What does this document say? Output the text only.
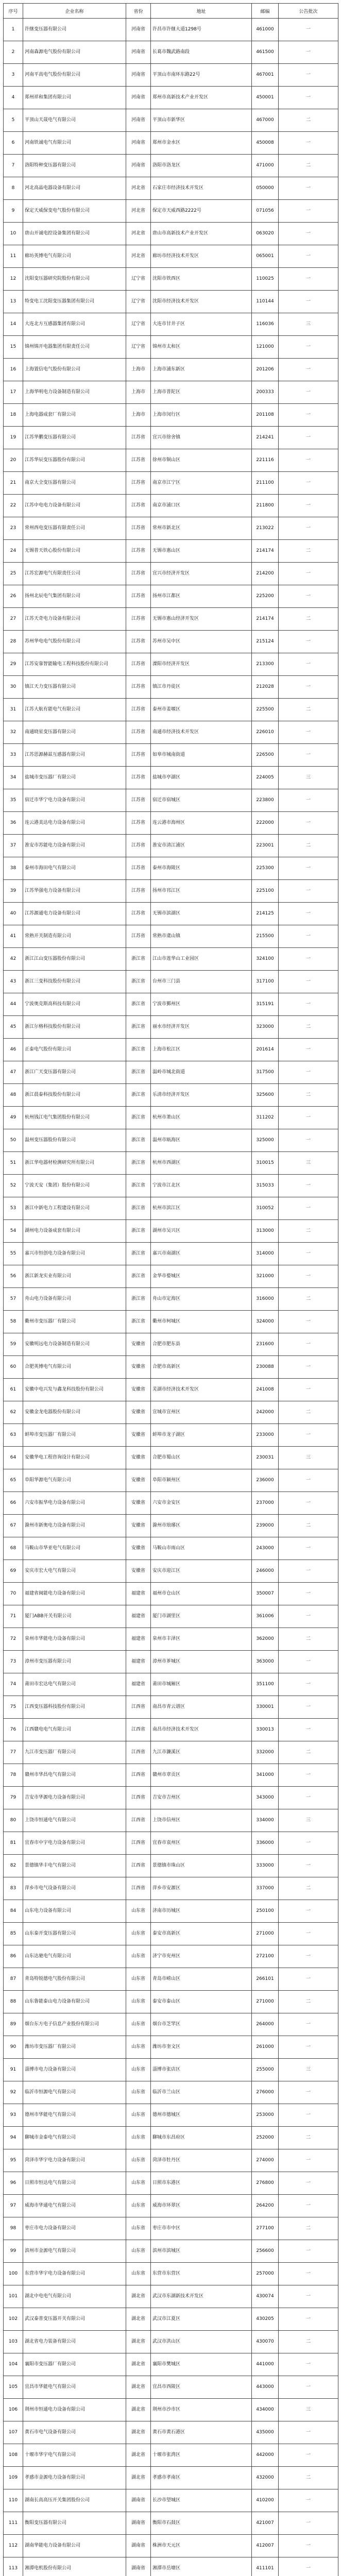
序号	企业名称	省份	地址	邮编	公告批次
1	许继变压器有限公司	河南省	许昌市许继大道1298号	461000	一
2	河南森源电气股份有限公司	河南省	长葛市魏武路南段	461500	一
3	河南平高电气股份有限公司	河南省	平顶山市南环东路22号	467001	一
4	郑州祥和集团有限公司	河南省	郑州市高新技术产业开发区	450001	一
5	平顶山天晟电气有限公司	河南省	平顶山市新华区	467000	二
6	河南铁诚电气有限公司	河南省	郑州市金水区	450008	一
7	洛阳特种变压器有限公司	河南省	洛阳市洛龙区	471000	二
8	河北高晶电器设备有限公司	河北省	石家庄市经济技术开发区	050000	一
9	保定天威保变电气股份有限公司	河北省	保定市天威西路2222号	071056	一
10	唐山开诚电控设备集团有限公司	河北省	唐山市高新技术产业开发区	063020	一
11	廊坊英博电气有限公司	河北省	廊坊市经济技术开发区	065001	一
12	沈阳变压器研究院股份有限公司	辽宁省	沈阳市铁西区	110025	一
13	特变电工沈阳变压器集团有限公司	辽宁省	沈阳市经济技术开发区	110144	一
14	大连北方互感器集团有限公司	辽宁省	大连市甘井子区	116036	三
15	锦州锦开电器集团有限责任公司	辽宁省	锦州市太和区	121000	一
16	上海置信电气股份有限公司	上海市	上海市浦东新区	201206	一
17	上海华明电力设备制造有限公司	上海市	上海市普陀区	200333	一
18	上海电器成套厂有限公司	上海市	上海市闵行区	201108	一
19	江苏华鹏变压器有限公司	江苏省	宜兴市徐舍镇	214241	一
20	江苏华辰变压器股份有限公司	江苏省	徐州市铜山区	221116	一
21	南京大全变压器有限公司	江苏省	南京市江宁区	211100	一
22	江苏中电电力设备有限公司	江苏省	南京市浦口区	211800	一
23	常州西电变压器有限责任公司	江苏省	常州市新北区	213022	一
24	无锡普天铁心股份有限公司	江苏省	无锡市惠山区	214174	二
25	江苏宏源电气有限责任公司	江苏省	宜兴市经济开发区	214200	一
26	扬州北辰电气集团有限公司	江苏省	扬州市江都区	225200	一
27	江苏天奇电力设备有限公司	江苏省	无锡市惠山经济开发区	214174	二
28	苏州华电电气股份有限公司	江苏省	苏州市吴中区	215124	一
29	江苏安靠智能输电工程科技股份有限公司	江苏省	溧阳市经济开发区	213300	一
30	镇江天力变压器有限公司	江苏省	镇江市丹徒区	212028	一
31	江苏大航有能电气有限公司	江苏省	泰州市姜堰区	225500	二
32	南通晓星变压器有限公司	江苏省	南通市经济技术开发区	226010	一
33	江苏思源赫兹互感器有限公司	江苏省	如皋市城南街道	226500	一
34	盐城市变压器厂有限公司	江苏省	盐城市亭湖区	224005	三
35	宿迁市华宁电力设备有限公司	江苏省	宿迁市宿城区	223800	一
36	连云港美达电力设备有限公司	江苏省	连云港市海州区	222000	一
37	淮安市苏能电力设备有限公司	江苏省	淮安市清江浦区	223001	二
38	泰州市海田电气有限公司	江苏省	泰州市海陵区	225300	一
39	江苏华强电力设备有限公司	江苏省	扬州市邗江区	225100	一
40	江苏源通电力设备有限公司	江苏省	无锡市滨湖区	214125	一
41	常熟开关制造有限公司	江苏省	常熟市虞山镇	215500	一
42	浙江江山变压器股份有限公司	浙江省	江山市莲华山工业园区	324100	一
43	浙江三变科技股份有限公司	浙江省	台州市三门县	317100	一
44	宁波奥克斯高科技有限公司	浙江省	宁波市鄞州区	315191	一
45	浙江尔格科技股份有限公司	浙江省	丽水市经济开发区	323000	二
46	正泰电气股份有限公司	浙江省	上海市松江区	201614	一
47	浙江广天变压器有限公司	浙江省	温岭市城北街道	317500	一
48	浙江晨泰科技股份有限公司	浙江省	乐清市经济开发区	325600	二
49	杭州钱江电气集团股份有限公司	浙江省	杭州市萧山区	311202	一
50	温州变压器股份有限公司	浙江省	温州市瓯海区	325000	一
51	浙江华电器材检测研究所有限公司	浙江省	杭州市西湖区	310015	三
52	宁波天安（集团）股份有限公司	浙江省	宁波市江北区	315033	一
53	浙江中新电力工程建设有限公司	浙江省	杭州市滨江区	310052	一
54	湖州电力设备成套有限公司	浙江省	湖州市吴兴区	313000	二
55	嘉兴市恒创电力设备有限公司	浙江省	嘉兴市南湖区	314000	一
56	浙江新龙实业有限公司	浙江省	金华市婺城区	321000	一
57	舟山电力设备有限公司	浙江省	舟山市定海区	316000	二
58	衢州市变压器厂有限公司	浙江省	衢州市柯城区	324000	一
59	安徽明远电力设备制造有限公司	安徽省	合肥市肥东县	231600	一
60	合肥英博电气有限公司	安徽省	合肥市高新区	230088	一
61	安徽中电兴发与鑫龙科技股份有限公司	安徽省	芜湖市经济技术开发区	241008	一
62	安徽金龙电器股份有限公司	安徽省	宣城市宣州区	242000	二
63	蚌埠市变压器厂有限公司	安徽省	蚌埠市龙子湖区	233000	一
64	安徽华电工程咨询设计有限公司	安徽省	合肥市蜀山区	230031	三
65	阜阳华源电气有限公司	安徽省	阜阳市颍州区	236000	一
66	六安市振华电力设备有限公司	安徽省	六安市金安区	237000	一
67	滁州市新奥电力设备有限公司	安徽省	滁州市琅琊区	239000	二
68	马鞍山市华亚电气有限公司	安徽省	马鞍山市雨山区	243000	一
69	安庆市宏大电气有限公司	安徽省	安庆市迎江区	246000	一
70	福建省闽能电力设备有限公司	福建省	福州市仓山区	350007	一
71	厦门ABB开关有限公司	福建省	厦门市湖里区	361006	一
72	泉州市华能电力设备有限公司	福建省	泉州市丰泽区	362000	二
73	漳州市变压器有限公司	福建省	漳州市芗城区	363000	一
74	莆田市宏达电气有限公司	福建省	莆田市城厢区	351100	一
75	江西变压器科技股份有限公司	江西省	南昌市青云谱区	330001	一
76	江西赣电电气有限公司	江西省	南昌市经济技术开发区	330013	一
77	九江市变压器厂有限公司	江西省	九江市濂溪区	332000	二
78	赣州市华昌电气有限公司	江西省	赣州市章贡区	341000	一
79	吉安市华源电力设备有限公司	江西省	吉安市吉州区	343000	一
80	上饶市恒通电气有限公司	江西省	上饶市信州区	334000	三
81	宜春市中宇电力设备有限公司	江西省	宜春市袁州区	336000	一
82	景德镇华丰电气有限公司	江西省	景德镇市珠山区	333000	一
83	萍乡市电气设备有限公司	江西省	萍乡市安源区	337000	二
84	山东电力设备有限公司	山东省	济南市历城区	250100	一
85	山东泰开变压器有限公司	山东省	泰安市高新区	271000	一
86	山东达驰电气有限公司	山东省	济宁市兖州区	272100	一
87	青岛特锐德电气股份有限公司	山东省	青岛市崂山区	266101	一
88	山东鲁能泰山电力设备有限公司	山东省	泰安市泰山区	271000	二
89	烟台东方电子信息产业股份有限公司	山东省	烟台市芝罘区	264000	一
90	潍坊市变压器厂有限公司	山东省	潍坊市奎文区	261000	一
91	淄博市电力设备有限公司	山东省	淄博市张店区	255000	三
92	临沂市恒源电气有限公司	山东省	临沂市兰山区	276000	一
93	德州市华能电气有限公司	山东省	德州市德城区	253000	一
94	聊城市金泰电气有限公司	山东省	聊城市东昌府区	252000	二
95	菏泽市华宇电力设备有限公司	山东省	菏泽市牡丹区	274000	一
96	日照市恒达电气有限公司	山东省	日照市东港区	276800	一
97	威海市华通电气有限公司	山东省	威海市环翠区	264200	一
98	枣庄市电力设备有限公司	山东省	枣庄市市中区	277100	二
99	滨州市金源电气有限公司	山东省	滨州市滨城区	256600	一
100	东营市华宇电力设备有限公司	山东省	东营市东营区	257000	一
101	湖北中电电气有限公司	湖北省	武汉市东湖新技术开发区	430074	一
102	武汉泰普变压器开关有限公司	湖北省	武汉市江夏区	430205	一
103	湖北省电力装备有限公司	湖北省	武汉市洪山区	430070	二
104	襄阳市变压器厂有限公司	湖北省	襄阳市樊城区	441000	一
105	宜昌市华能电气有限公司	湖北省	宜昌市西陵区	443000	一
106	荆州市恒通电力设备有限公司	湖北省	荆州市沙市区	434000	三
107	黄石市电气设备有限公司	湖北省	黄石市黄石港区	435000	一
108	十堰市华宇电气有限公司	湖北省	十堰市张湾区	442000	一
109	孝感市金源电力设备有限公司	湖北省	孝感市孝南区	432000	二
110	湖南长高高压开关集团股份公司	湖南省	长沙市望城区	410200	一
111	衡阳变压器有限公司	湖南省	衡阳市石鼓区	421007	一
112	湖南华能电力设备有限公司	湖南省	株洲市天元区	412007	一
113	湘潭电机股份有限公司	湖南省	湘潭市岳塘区	411101	一
